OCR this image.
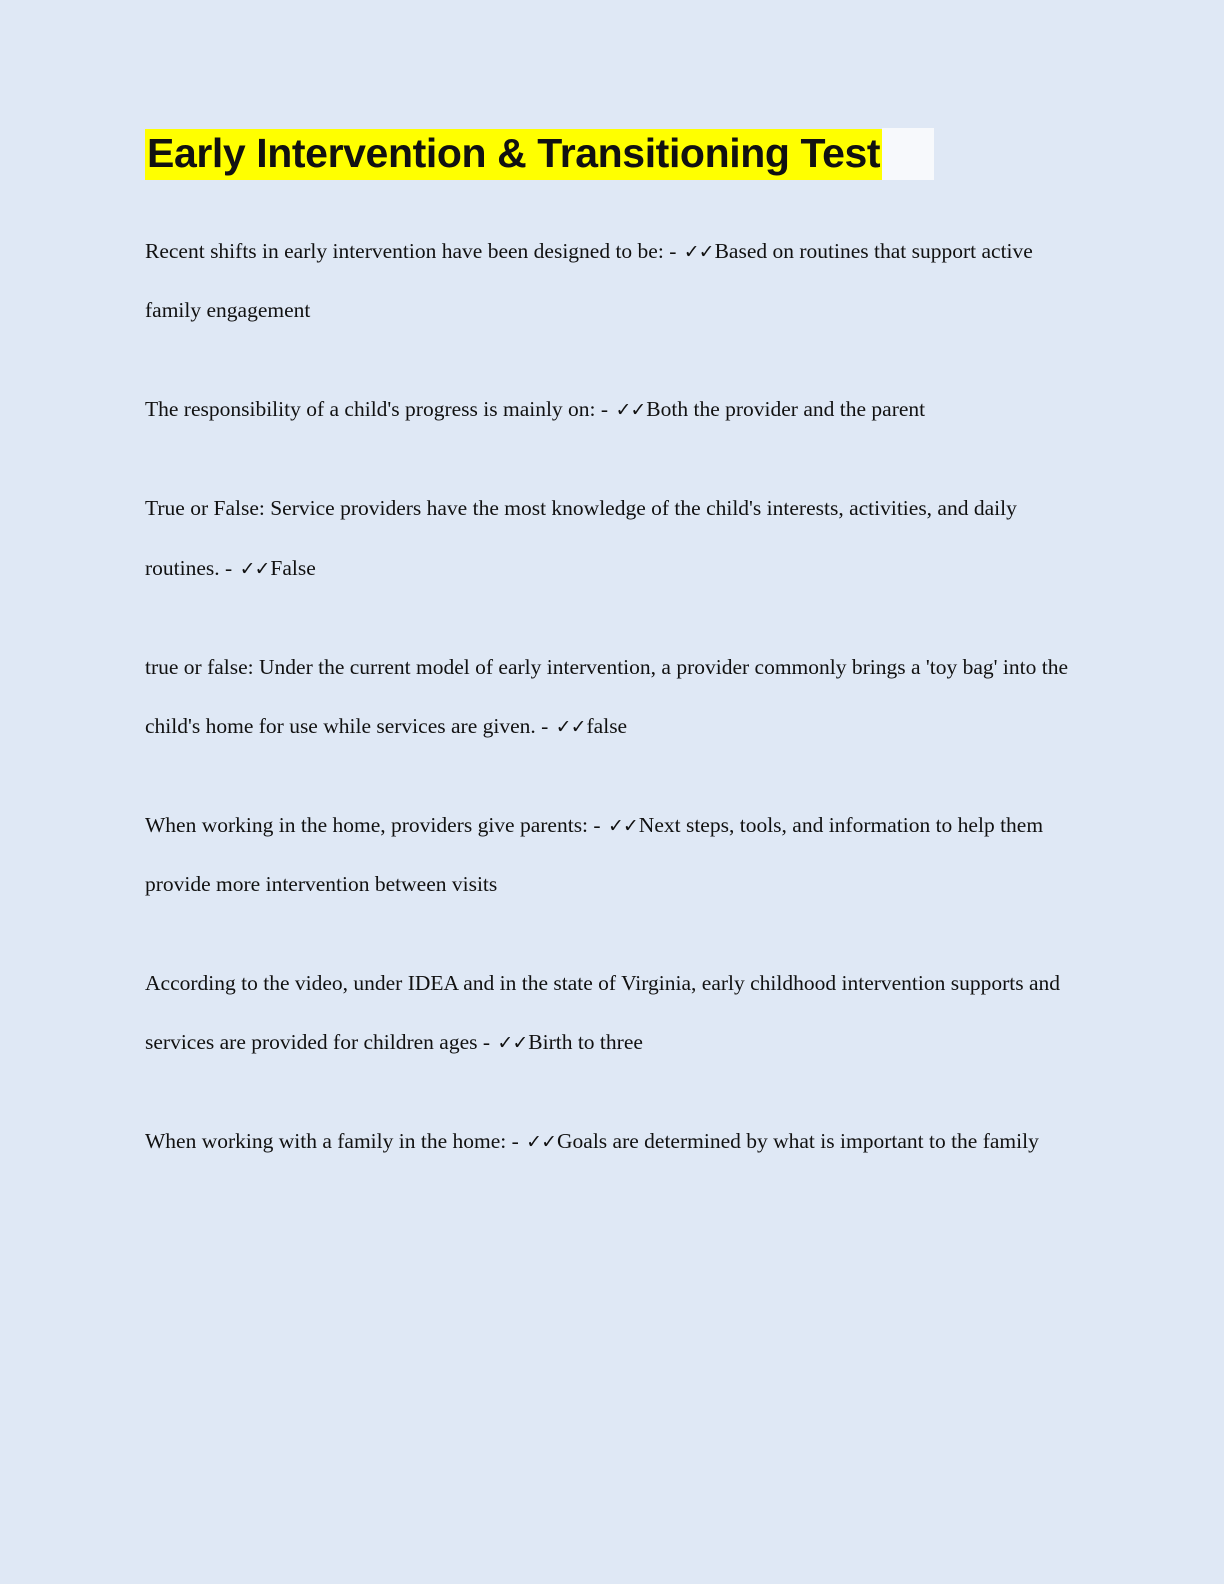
Early Intervention & Transitioning Test
Recent shifts in early intervention have been designed to be: - ✓✓Based on routines that support active family engagement
The responsibility of a child's progress is mainly on: - ✓✓Both the provider and the parent
True or False: Service providers have the most knowledge of the child's interests, activities, and daily routines. - ✓✓False
true or false: Under the current model of early intervention, a provider commonly brings a 'toy bag' into the child's home for use while services are given. - ✓✓false
When working in the home, providers give parents: - ✓✓Next steps, tools, and information to help them provide more intervention between visits
According to the video, under IDEA and in the state of Virginia, early childhood intervention supports and services are provided for children ages - ✓✓Birth to three
When working with a family in the home: - ✓✓Goals are determined by what is important to the family
